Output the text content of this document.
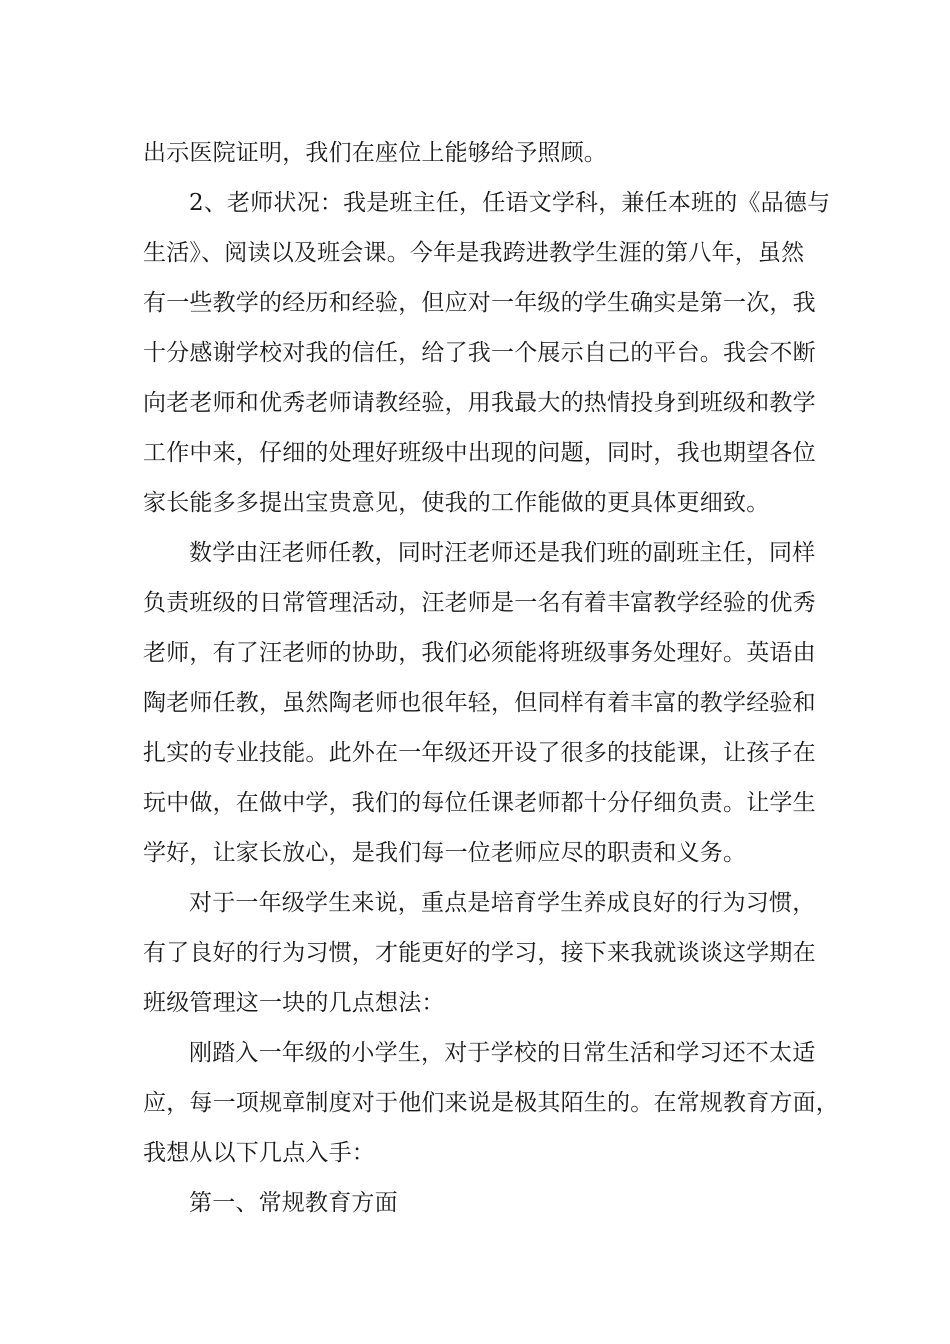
出示医院证明，我们在座位上能够给予照顾。
2、老师状况：我是班主任，任语文学科，兼任本班的《品德与
生活》、阅读以及班会课。今年是我跨进教学生涯的第八年，虽然
有一些教学的经历和经验，但应对一年级的学生确实是第一次，我
十分感谢学校对我的信任，给了我一个展示自己的平台。我会不断
向老老师和优秀老师请教经验，用我最大的热情投身到班级和教学
工作中来，仔细的处理好班级中出现的问题，同时，我也期望各位
家长能多多提出宝贵意见，使我的工作能做的更具体更细致。
数学由汪老师任教，同时汪老师还是我们班的副班主任，同样
负责班级的日常管理活动，汪老师是一名有着丰富教学经验的优秀
老师，有了汪老师的协助，我们必须能将班级事务处理好。英语由
陶老师任教，虽然陶老师也很年轻，但同样有着丰富的教学经验和
扎实的专业技能。此外在一年级还开设了很多的技能课，让孩子在
玩中做，在做中学，我们的每位任课老师都十分仔细负责。让学生
学好，让家长放心，是我们每一位老师应尽的职责和义务。
对于一年级学生来说，重点是培育学生养成良好的行为习惯，
有了良好的行为习惯，才能更好的学习，接下来我就谈谈这学期在
班级管理这一块的几点想法：
刚踏入一年级的小学生，对于学校的日常生活和学习还不太适
应，每一项规章制度对于他们来说是极其陌生的。在常规教育方面，
我想从以下几点入手：
第一、常规教育方面
